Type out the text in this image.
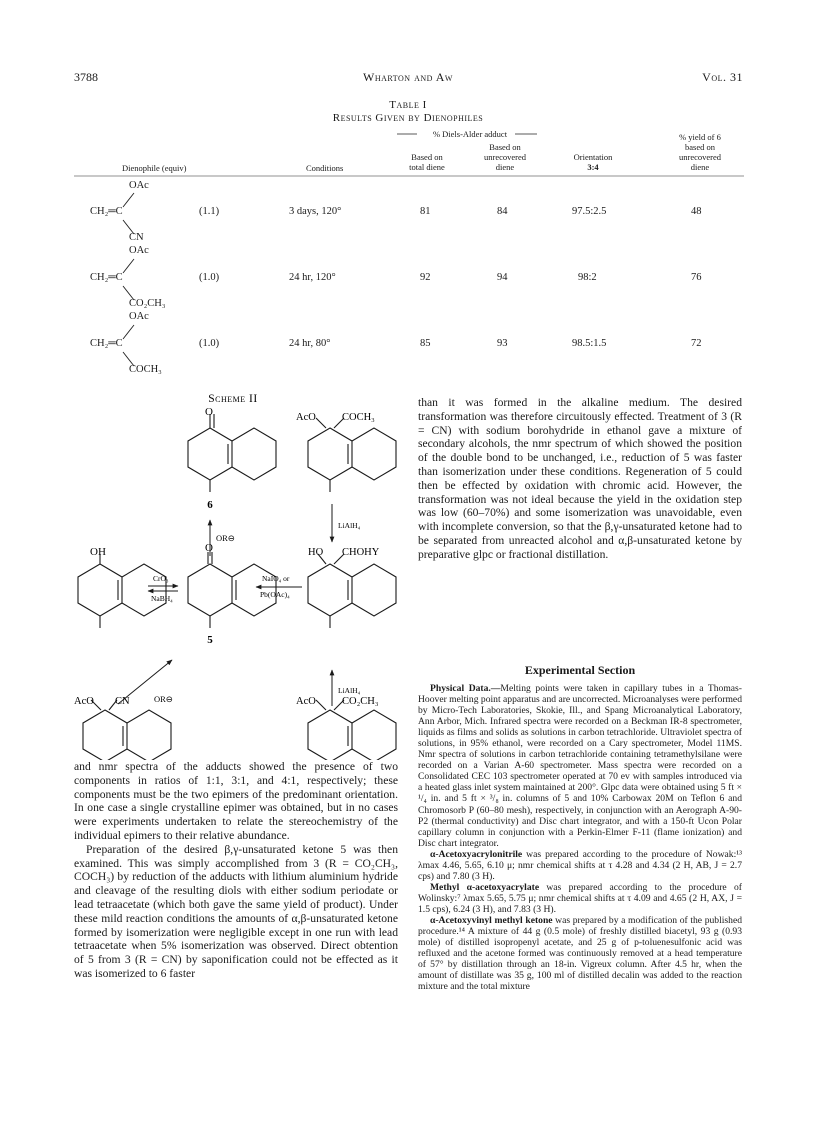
3788	Wharton and Aw	Vol. 31
Table I
Results Given by Dienophiles
% Diels-Alder adduct
Based on
total diene
Based on
unrecovered
diene
Orientation
3:4
% yield of 6
based on
unrecovered
diene
Dienophile (equiv)	Conditions
OAc
CH₂═C	(1.1)	3 days, 120°	81	84	97.5:2.5	48
CN
OAc
CH₂═C	(1.0)	24 hr, 120°	92	94	98:2	76
CO₂CH₃
OAc
CH₂═C	(1.0)	24 hr, 80°	85	93	98.5:1.5	72
COCH₃
Scheme II
O
6
AcO COCH₃
OR⊖
LiAlH₄
OH	O
5
CrO₃
NaBH₄
NaIO₄ or
Pb(OAc)₄
HO CHOHY
OR⊖
LiAlH₄
AcO CN	AcO CO₂CH₃

and nmr spectra of the adducts showed the presence of two components in ratios of 1:1, 3:1, and 4:1, respectively; these components must be the two epimers of the predominant orientation. In one case a single crystalline epimer was obtained, but in no cases were experiments undertaken to relate the stereochemistry of the individual epimers to their relative abundance.

Preparation of the desired β,γ-unsaturated ketone 5 was then examined. This was simply accomplished from 3 (R = CO₂CH₃, COCH₃) by reduction of the adducts with lithium aluminium hydride and cleavage of the resulting diols with either sodium periodate or lead tetraacetate (which both gave the same yield of product). Under these mild reaction conditions the amounts of α,β-unsaturated ketone formed by isomerization were negligible except in one run with lead tetraacetate when 5% isomerization was observed. Direct obtention of 5 from 3 (R = CN) by saponification could not be effected as it was isomerized to 6 faster

than it was formed in the alkaline medium. The desired transformation was therefore circuitously effected. Treatment of 3 (R = CN) with sodium borohydride in ethanol gave a mixture of secondary alcohols, the nmr spectrum of which showed the position of the double bond to be unchanged, i.e., reduction of 5 was faster than isomerization under these conditions. Regeneration of 5 could then be effected by oxidation with chromic acid. However, the transformation was not ideal because the yield in the oxidation step was low (60–70%) and some isomerization was unavoidable, even with incomplete conversion, so that the β,γ-unsaturated ketone had to be separated from unreacted alcohol and α,β-unsaturated ketone by preparative glpc or fractional distillation.

Experimental Section

Physical Data.—Melting points were taken in capillary tubes in a Thomas-Hoover melting point apparatus and are uncorrected. Microanalyses were performed by Micro-Tech Laboratories, Skokie, Ill., and Spang Microanalytical Laboratory, Ann Arbor, Mich. Infrared spectra were recorded on a Beckman IR-8 spectrometer, liquids as films and solids as solutions in carbon tetrachloride. Ultraviolet spectra of solutions, in 95% ethanol, were recorded on a Cary spectrometer, Model 11MS. Nmr spectra of solutions in carbon tetrachloride containing tetramethylsilane were recorded on a Varian A-60 spectrometer. Mass spectra were recorded on a Consolidated CEC 103 spectrometer operated at 70 ev with samples introduced via a heated glass inlet system maintained at 200°. Glpc data were obtained using 5 ft × ¹/₄ in. and 5 ft × ³/₈ in. columns of 5 and 10% Carbowax 20M on Teflon 6 and Chromosorb P (60–80 mesh), respectively, in conjunction with an Aerograph A-90-P2 (thermal conductivity) and Disc chart integrator, and with a 150-ft Ucon Polar capillary column in conjunction with a Perkin-Elmer F-11 (flame ionization) and Disc chart integrator.

α-Acetoxyacrylonitrile was prepared according to the procedure of Nowak:¹³ λmax 4.46, 5.65, 6.10 μ; nmr chemical shifts at τ 4.28 and 4.34 (2 H, AB, J = 2.7 cps) and 7.80 (3 H).

Methyl α-acetoxyacrylate was prepared according to the procedure of Wolinsky:⁷ λmax 5.65, 5.75 μ; nmr chemical shifts at τ 4.09 and 4.65 (2 H, AX, J = 1.5 cps), 6.24 (3 H), and 7.83 (3 H).

α-Acetoxyvinyl methyl ketone was prepared by a modification of the published procedure.¹⁴ A mixture of 44 g (0.5 mole) of freshly distilled biacetyl, 93 g (0.93 mole) of distilled isopropenyl acetate, and 25 g of p-toluenesulfonic acid was refluxed and the acetone formed was continuously removed at a head temperature of 57° by distillation through an 18-in. Vigreux column. After 4.5 hr, when the amount of distillate was 35 g, 100 ml of distilled decalin was added to the reaction mixture and the total mixture
